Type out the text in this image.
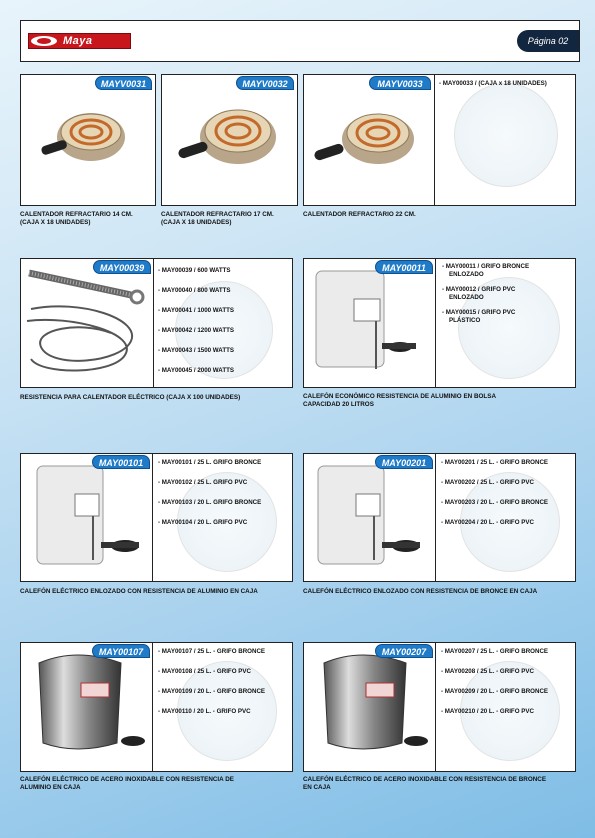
Maya	Página 02
MAYV0031
CALENTADOR REFRACTARIO 14 CM.
(CAJA X 18 UNIDADES)
MAYV0032
CALENTADOR REFRACTARIO 17 CM.
(CAJA X 18 UNIDADES)
- MAY00033 / (CAJA x 18 UNIDADES)
MAYV0033
CALENTADOR REFRACTARIO 22 CM.
- MAY00039 / 600 WATTS
- MAY00040 / 800 WATTS
- MAY00041 / 1000 WATTS
- MAY00042 / 1200 WATTS
- MAY00043 / 1500 WATTS
- MAY00045 / 2000 WATTS
MAY00039
RESISTENCIA PARA CALENTADOR ELÉCTRICO (CAJA X 100 UNIDADES)
- MAY00011 / GRIFO BRONCE
ENLOZADO
- MAY00012 / GRIFO PVC
ENLOZADO
- MAY00015 / GRIFO PVC
PLÁSTICO
MAY00011
CALEFÓN ECONÓMICO RESISTENCIA DE ALUMINIO EN BOLSA
CAPACIDAD 20 LITROS
- MAY00101 / 25 L. GRIFO BRONCE
- MAY00102 / 25 L. GRIFO PVC
- MAY00103 / 20 L. GRIFO BRONCE
- MAY00104 / 20 L. GRIFO PVC
MAY00101
CALEFÓN ELÉCTRICO ENLOZADO CON RESISTENCIA DE ALUMINIO EN CAJA
- MAY00201 / 25 L. - GRIFO BRONCE
- MAY00202 / 25 L. - GRIFO PVC
- MAY00203 / 20 L. - GRIFO BRONCE
- MAY00204 / 20 L. - GRIFO PVC
MAY00201
CALEFÓN ELÉCTRICO ENLOZADO CON RESISTENCIA DE BRONCE EN CAJA
- MAY00107 / 25 L. - GRIFO BRONCE
- MAY00108 / 25 L. - GRIFO PVC
- MAY00109 / 20 L. - GRIFO BRONCE
- MAY00110 / 20 L. - GRIFO PVC
MAY00107
CALEFÓN ELÉCTRICO DE ACERO INOXIDABLE CON RESISTENCIA DE
ALUMINIO EN CAJA
- MAY00207 / 25 L. - GRIFO BRONCE
- MAY00208 / 25 L. - GRIFO PVC
- MAY00209 / 20 L. - GRIFO BRONCE
- MAY00210 / 20 L. - GRIFO PVC
MAY00207
CALEFÓN ELÉCTRICO DE ACERO INOXIDABLE CON RESISTENCIA DE BRONCE
EN CAJA
